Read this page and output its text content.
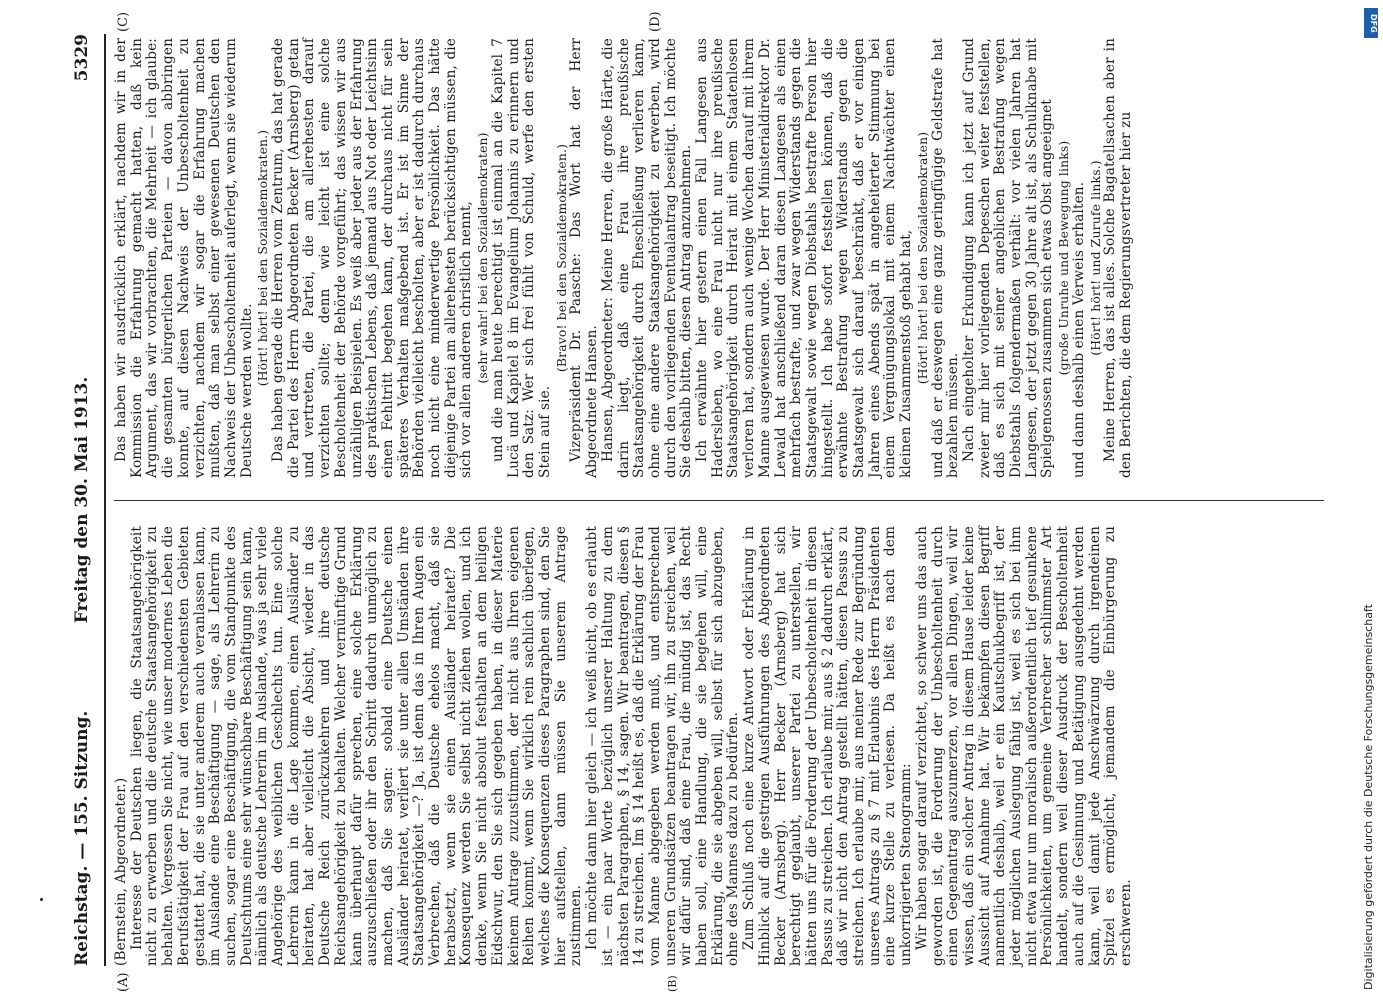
Reichstag. — 155. Sitzung.
Freitag den 30. Mai 1913.
5329
(A)	(B)
(C)	(D)

(Bernstein, Abgeordneter.) Interesse der Deutschen liegen, die Staatsangehörigkeit nicht zu erwerben und die deutsche Staatsangehörigkeit zu behalten. Vergessen Sie nicht, wie unser modernes Leben die Berufstätigkeit der Frau auf den verschiedensten Gebieten gestattet hat, die sie unter anderem auch veranlassen kann, im Auslande eine Beschäftigung — sage, als Lehrerin zu suchen, sogar eine Beschäftigung, die vom Standpunkte des Deutschtums eine sehr wünschbare Beschäftigung sein kann, nämlich als deutsche Lehrerin im Auslande, was ja sehr viele Angehörige des weiblichen Geschlechts tun. Eine solche Lehrerin kann in die Lage kommen, einen Ausländer zu heiraten, hat aber vielleicht die Absicht, wieder in das Deutsche Reich zurückzukehren und ihre deutsche Reichsangehörigkeit zu behalten. Welcher vernünftige Grund kann überhaupt dafür sprechen, eine solche Erklärung auszuschließen oder ihr den Schritt dadurch unmöglich zu machen, daß Sie sagen: sobald eine Deutsche einen Ausländer heiratet, verliert sie unter allen Umständen ihre Staatsangehörigkeit —? Ja, ist denn das in Ihren Augen ein Verbrechen, daß die Deutsche ehelos macht, daß sie herabsetzt, wenn sie einen Ausländer heiratet? Die Konsequenz werden Sie selbst nicht ziehen wollen, und ich denke, wenn Sie nicht absolut festhalten an dem heiligen Eidschwur, den Sie sich gegeben haben, in dieser Materie keinem Antrage zuzustimmen, der nicht aus Ihren eigenen Reihen kommt, wenn Sie wirklich rein sachlich überlegen, welches die Konsequenzen dieses Paragraphen sind, den Sie hier aufstellen, dann müssen Sie unserem Antrage zustimmen. Ich möchte dann hier gleich — ich weiß nicht, ob es erlaubt ist — ein paar Worte bezüglich unserer Haltung zu dem nächsten Paragraphen, § 14, sagen. Wir beantragen, diesen § 14 zu streichen. Im § 14 heißt es, daß die Erklärung der Frau vom Manne abgegeben werden muß, und entsprechend unseren Grundsätzen beantragen wir, ihn zu streichen, weil wir dafür sind, daß eine Frau, die mündig ist, das Recht haben soll, eine Handlung, die sie begehen will, eine Erklärung, die sie abgeben will, selbst für sich abzugeben, ohne des Mannes dazu zu bedürfen. Zum Schluß noch eine kurze Antwort oder Erklärung in Hinblick auf die gestrigen Ausführungen des Abgeordneten Becker (Arnsberg). Herr Becker (Arnsberg) hat sich berechtigt geglaubt, unserer Partei zu unterstellen, wir hätten uns für die Forderung der Unbescholtenheit in diesen Passus zu streichen. Ich erlaube mir, aus § 2 dadurch erklärt, daß wir nicht den Antrag gestellt hätten, diesen Passus zu streichen. Ich erlaube mir, aus meiner Rede zur Begründung unseres Antrags zu § 7 mit Erlaubnis des Herrn Präsidenten eine kurze Stelle zu verlesen. Da heißt es nach dem unkorrigierten Stenogramm: Wir haben sogar darauf verzichtet, so schwer uns das auch geworden ist, die Forderung der Unbescholtenheit durch einen Gegenantrag auszumerzen, vor allen Dingen, weil wir wissen, daß ein solcher Antrag in diesem Hause leider keine Aussicht auf Annahme hat. Wir bekämpfen diesen Begriff namentlich deshalb, weil er ein Kautschukbegriff ist, der jeder möglichen Auslegung fähig ist, weil es sich bei ihm nicht etwa nur um moralisch außerordentlich tief gesunkene Persönlichkeiten, um gemeine Verbrecher schlimmster Art handelt, sondern weil dieser Ausdruck der Bescholtenheit auch auf die Gesinnung und Betätigung ausgedehnt werden kann, weil damit jede Anschwärzung durch irgendeinen Spitzel es ermöglicht, jemandem die Einbürgerung zu erschweren.

Das haben wir ausdrücklich erklärt, nachdem wir in der Kommission die Erfahrung gemacht hatten, daß kein Argument, das wir vorbrachten, die Mehrheit — ich glaube: die gesamten bürgerlichen Parteien — davon abbringen konnte, auf diesen Nachweis der Unbescholtenheit zu verzichten, nachdem wir sogar die Erfahrung machen mußten, daß man selbst einer gewesenen Deutschen den Nachweis der Unbescholtenheit auferlegt, wenn sie wiederum Deutsche werden wollte.

(Hört! hört! bei den Sozialdemokraten.) Das haben gerade die Herren vom Zentrum, das hat gerade die Partei des Herrn Abgeordneten Becker (Arnsberg) getan und vertreten, die Partei, die am allerehesten darauf verzichten sollte; denn wie leicht ist eine solche Bescholtenheit der Behörde vorgeführt; das wissen wir aus unzähligen Beispielen. Es weiß aber jeder aus der Erfahrung des praktischen Lebens, daß jemand aus Not oder Leichtsinn einen Fehltritt begehen kann, der durchaus nicht für sein späteres Verhalten maßgebend ist. Er ist im Sinne der Behörden vielleicht bescholten, aber er ist dadurch durchaus noch nicht eine minderwertige Persönlichkeit. Das hätte diejenige Partei am allerehesten berücksichtigen müssen, die sich vor allen anderen christlich nennt, (sehr wahr! bei den Sozialdemokraten) und die man heute berechtigt ist einmal an die Kapitel 7 Lucä und Kapitel 8 im Evangelium Johannis zu erinnern und den Satz: Wer sich frei fühlt von Schuld, werfe den ersten Stein auf sie.

(Bravo! bei den Sozialdemokraten.) Vizepräsident Dr. Paasche: Das Wort hat der Herr Abgeordnete Hansen. Hansen, Abgeordneter: Meine Herren, die große Härte, die darin liegt, daß eine Frau ihre preußische Staatsangehörigkeit durch Eheschließung verlieren kann, ohne eine andere Staatsangehörigkeit zu erwerben, wird durch den vorliegenden Eventualantrag beseitigt. Ich möchte Sie deshalb bitten, diesen Antrag anzunehmen. Ich erwähnte hier gestern einen Fall Langesen aus Hadersleben, wo eine Frau nicht nur ihre preußische Staatsangehörigkeit durch Heirat mit einem Staatenlosen verloren hat, sondern auch wenige Wochen darauf mit ihrem Manne ausgewiesen wurde. Der Herr Ministerialdirektor Dr. Lewald hat anschließend daran diesen Langesen als einen mehrfach bestrafte, und zwar wegen Widerstands gegen die Staatsgewalt sowie wegen Diebstahls bestrafte Person hier hingestellt. Ich habe sofort feststellen können, daß die erwähnte Bestrafung wegen Widerstands gegen die Staatsgewalt sich darauf beschränkt, daß er vor einigen Jahren eines Abends spät in angeheiterter Stimmung bei einem Vergnügungslokal mit einem Nachtwächter einen kleinen Zusammenstoß gehabt hat, (Hört! hört! bei den Sozialdemokraten) und daß er deswegen eine ganz geringfügige Geldstrafe hat bezahlen müssen. Nach eingeholter Erkundigung kann ich jetzt auf Grund zweier mir hier vorliegenden Depeschen weiter feststellen, daß es sich mit seiner angeblichen Bestrafung wegen Diebstahls folgendermaßen verhält: vor vielen Jahren hat Langesen, der jetzt gegen 30 Jahre alt ist, als Schulknabe mit Spielgenossen zusammen sich etwas Obst angeeignet (große Unruhe und Bewegung links) und dann deshalb einen Verweis erhalten. (Hört! hört! und Zurufe links.) Meine Herren, das ist alles. Solche Bagatellsachen aber in den Berichten, die dem Regierungsvertreter hier zu

Digitalisierung gefördert durch die Deutsche Forschungsgemeinschaft
DFG
